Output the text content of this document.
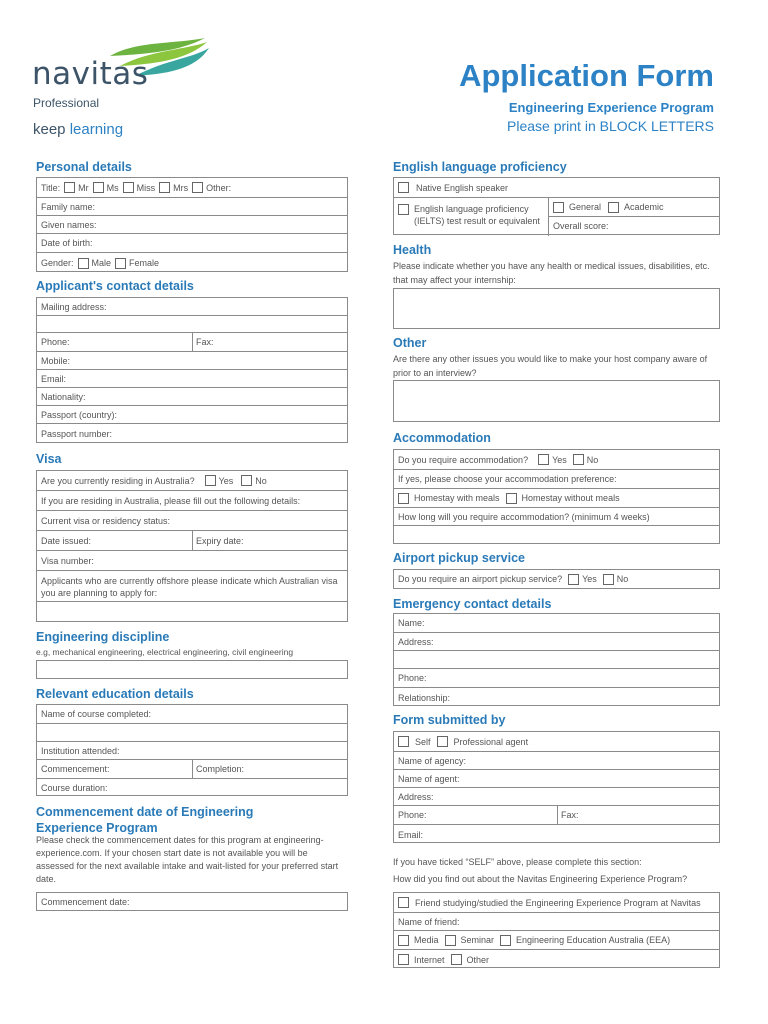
navitas
Professional
keep learning
Application Form
Engineering Experience Program
Please print in BLOCK LETTERS
Personal details
Title: Mr Ms Miss Mrs Other:
Family name:
Given names:
Date of birth:
Gender: Male Female
Applicant's contact details
Mailing address:
Phone:	Fax:
Mobile:
Email:
Nationality:
Passport (country):
Passport number:
Visa
Are you currently residing in Australia?	Yes No
If you are residing in Australia, please fill out the following details:
Current visa or residency status:
Date issued:	Expiry date:
Visa number:
Applicants who are currently offshore please indicate which Australian visa you are planning to apply for:
Engineering discipline
e.g, mechanical engineering, electrical engineering, civil engineering
Relevant education details
Name of course completed:
Institution attended:
Commencement:	Completion:
Course duration:
Commencement date of Engineering
Experience Program
Please check the commencement dates for this program at engineering-experience.com. If your chosen start date is not available you will be assessed for the next available intake and wait-listed for your preferred start date.
Commencement date:
English language proficiency
Native English speaker
English language proficiency
(IELTS) test result or equivalent
General	Academic
Overall score:
Health
Please indicate whether you have any health or medical issues, disabilities, etc. that may affect your internship:
Other
Are there any other issues you would like to make your host company aware of prior to an interview?
Accommodation
Do you require accommodation?	Yes No
If yes, please choose your accommodation preference:
Homestay with meals Homestay without meals
How long will you require accommodation? (minimum 4 weeks)
Airport pickup service
Do you require an airport pickup service? Yes No
Emergency contact details
Name:
Address:
Phone:
Relationship:
Form submitted by
Self	Professional agent
Name of agency:
Name of agent:
Address:
Phone:	Fax:
Email:
If you have ticked “SELF” above, please complete this section:
How did you find out about the Navitas Engineering Experience Program?
Friend studying/studied the Engineering Experience Program at Navitas
Name of friend:
Media Seminar Engineering Education Australia (EEA)
Internet Other
